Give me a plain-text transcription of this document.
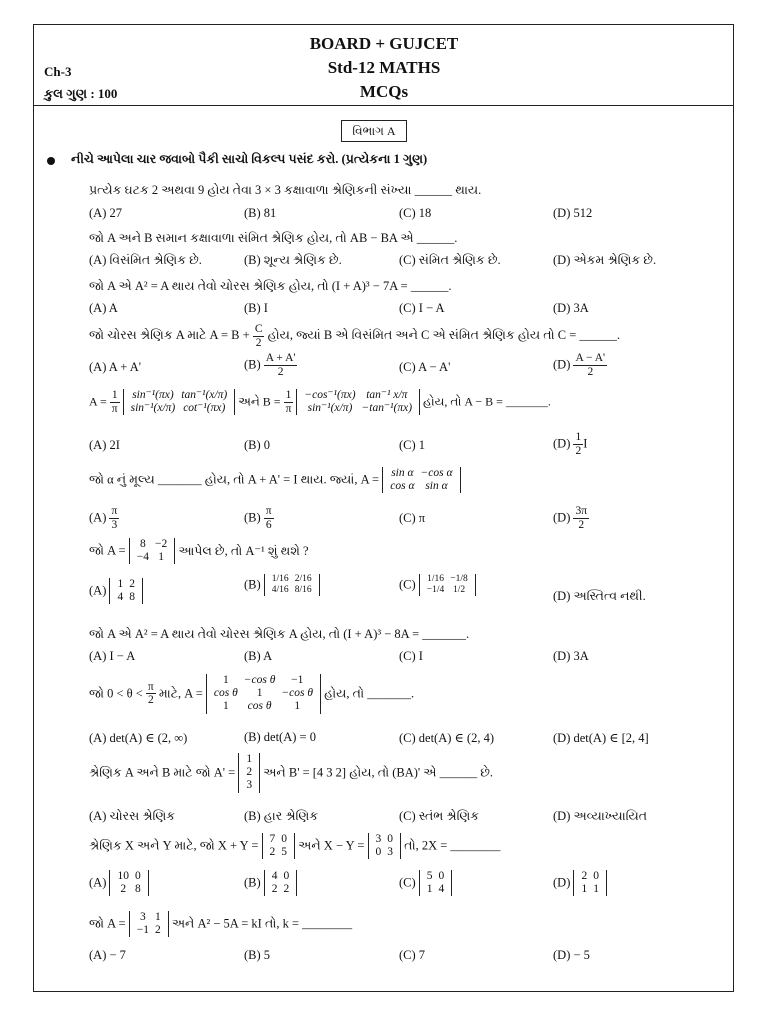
BOARD + GUJCET
Std-12 MATHS
MCQs
Ch-3
કુલ ગુણ : 100
વિભાગ A
નીચે આપેલા ચાર જવાબો પૈકી સાચો વિકલ્પ પસંદ કરો. (પ્રત્યેકના 1 ગુણ)
પ્રત્યેક ઘટક 2 અથવા 9 હોય તેવા 3 × 3 કક્ષાવાળા શ્રેણિકની સંખ્યા ______ થાય.
(A) 27	(B) 81	(C) 18	(D) 512
જો A અને B સમાન કક્ષાવાળા સંમિત શ્રેણિક હોય, તો AB − BA એ ______.
(A) વિસંમિત શ્રેણિક છે.	(B) શૂન્ય શ્રેણિક છે.	(C) સંમિત શ્રેણિક છે.	(D) એકમ શ્રેણિક છે.
જો A એ A² = A થાય તેવો ચોરસ શ્રેણિક હોય, તો (I + A)³ − 7A = ______.
(A) A	(B) I	(C) I − A	(D) 3A
જો ચોરસ શ્રેણિક A માટે $A = B + \frac{C}{2}$ હોય, જ્યાં B એ વિસંમિત અને C એ સંમિત શ્રેણિક હોય તો C = ______.
(A) A + A'	$(B) \frac{A + A'}{2}$	(C) A − A'	$(D) \frac{A - A'}{2}$
$A = \frac{1}{\pi}$
sin⁻¹(πx)	tan⁻¹(x/π)
sin⁻¹(x/π)	cot⁻¹(πx) અને $B = \frac{1}{\pi}$
−cos⁻¹(πx)	tan⁻¹ x/π
sin⁻¹(x/π)	−tan⁻¹(πx) હોય, તો A − B = _______.
(A) 2I	(B) 0	(C) 1	$(D) \frac{1}{2}$ I
જો α નું મૂલ્ય _______ હોય, તો A + A' = I થાય. જ્યાં, A = sin α	−cos α
cos α	sin α
$(A) \frac{\pi}{3}$	$(B) \frac{\pi}{6}$	(C) π	$(D) \frac{3\pi}{2}$
જો A = 8	−2
−4	1 આપેલ છે, તો A⁻¹ શું થશે ?
(A) 1	2
4	8
(B) 1/16	2/16
4/16	8/16	(C) 1/16	−1/8
−1/4	1/2	(D) અસ્તિત્વ નથી.
જો A એ A² = A થાય તેવો ચોરસ શ્રેણિક A હોય, તો (I + A)³ − 8A = _______.
(A) I − A	(B) A	(C) I	(D) 3A
જો $0 < \theta < \frac{\pi}{2}$ માટે, A =
1	−cos θ	−1
cos θ	1	−cos θ
1	cos θ	1
હોય, તો _______.
(A) det(A) ∈ (2, ∞)	(B) det(A) = 0	(C) det(A) ∈ (2, 4)	(D) det(A) ∈ [2, 4]
શ્રેણિક A અને B માટે જો A' =
1
2
3
અને B' = [4 3 2] હોય, તો (BA)' એ ______ છે.
(A) ચોરસ શ્રેણિક	(B) હાર શ્રેણિક	(C) સ્તંભ શ્રેણિક	(D) અવ્યાખ્યાયિત
શ્રેણિક X અને Y માટે, જો X + Y = 7	0
2	5 અને X − Y = 3	0
0	3 તો, 2X = ________
(A) 10	0
2	8	(B) 4	0
2	2	(C) 5	0
1	4	(D) 2	0
1	1
જો A = 3	1
−1	2 અને A² − 5A = kI તો, k = ________
(A) − 7	(B) 5	(C) 7	(D) − 5
